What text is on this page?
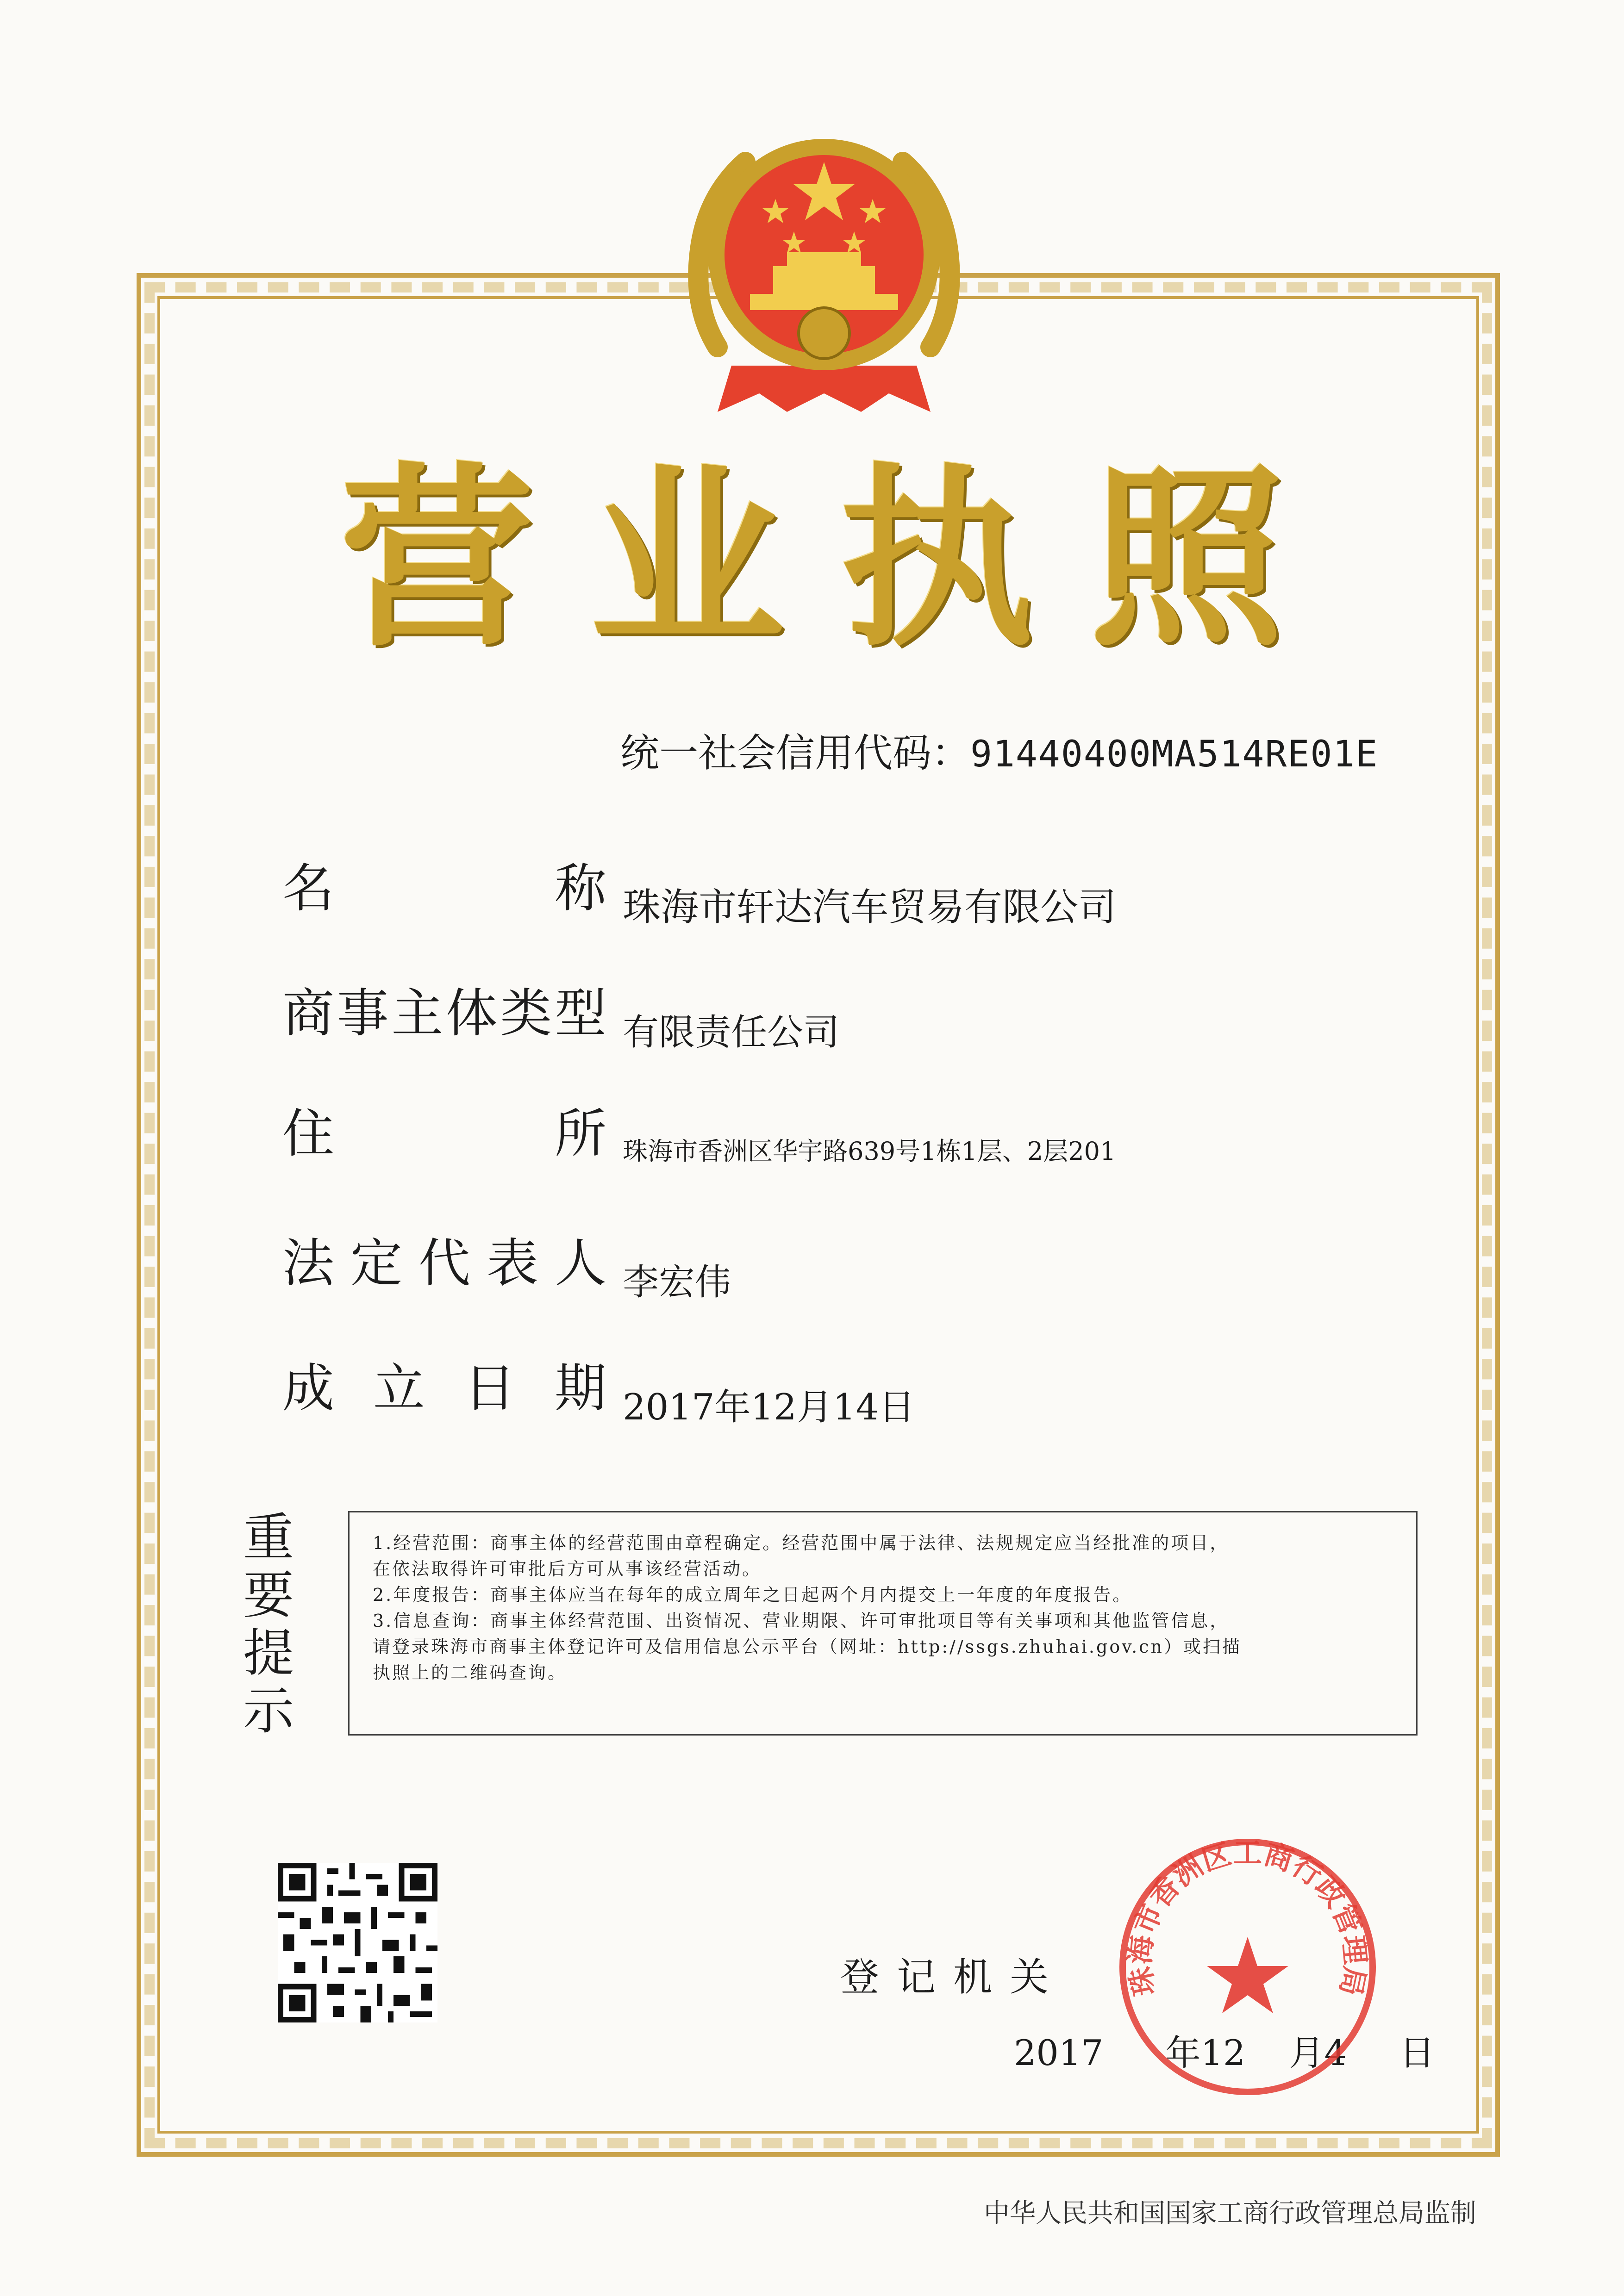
营业执照
统一社会信用代码：91440400MA514RE01E
名 称 珠海市轩达汽车贸易有限公司
商事主体类型 有限责任公司
住 所 珠海市香洲区华宇路639号1栋1层、2层201
法定代表人 李宏伟
成立日期 2017年12月14日
重要提示

1.经营范围：商事主体的经营范围由章程确定。经营范围中属于法律、法规规定应当经批准的项目，

在依法取得许可审批后方可从事该经营活动。

2.年度报告：商事主体应当在每年的成立周年之日起两个月内提交上一年度的年度报告。

3.信息查询：商事主体经营范围、出资情况、营业期限、许可审批项目等有关事项和其他监管信息，

请登录珠海市商事主体登记许可及信用信息公示平台（网址：http://ssgs.zhuhai.gov.cn）或扫描

执照上的二维码查询。

登记机关
2017 年12 月4 日
珠海市香洲区工商行政管理局
中华人民共和国国家工商行政管理总局监制
